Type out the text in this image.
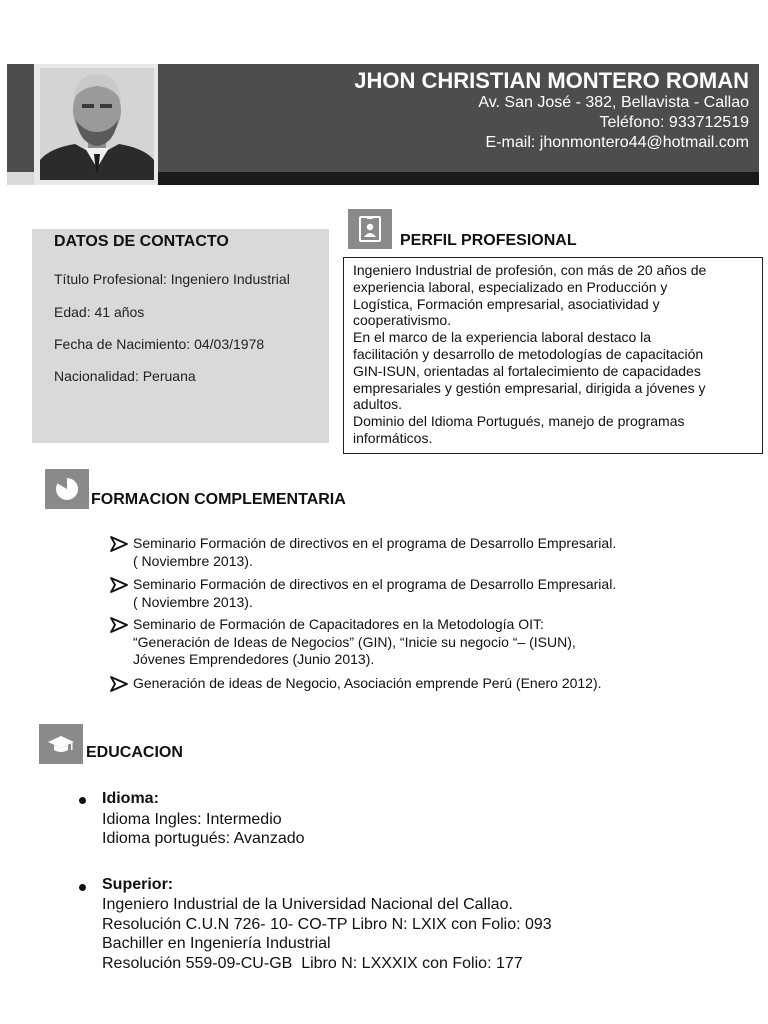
JHON CHRISTIAN MONTERO ROMAN
Av. San José - 382, Bellavista - Callao
Teléfono: 933712519
E-mail: jhonmontero44@hotmail.com
DATOS DE CONTACTO
Título Profesional: Ingeniero Industrial
Edad: 41 años
Fecha de Nacimiento: 04/03/1978
Nacionalidad: Peruana
PERFIL PROFESIONAL
Ingeniero Industrial de profesión, con más de 20 años de
experiencia laboral, especializado en Producción y
Logística, Formación empresarial, asociatividad y
cooperativismo.
En el marco de la experiencia laboral destaco la
facilitación y desarrollo de metodologías de capacitación
GIN-ISUN, orientadas al fortalecimiento de capacidades
empresariales y gestión empresarial, dirigida a jóvenes y
adultos.
Dominio del Idioma Portugués, manejo de programas
informáticos.
FORMACION COMPLEMENTARIA
Seminario Formación de directivos en el programa de Desarrollo Empresarial.
( Noviembre 2013).
Seminario Formación de directivos en el programa de Desarrollo Empresarial.
( Noviembre 2013).
Seminario de Formación de Capacitadores en la Metodología OIT:
“Generación de Ideas de Negocios” (GIN), “Inicie su negocio “– (ISUN),
Jóvenes Emprendedores (Junio 2013).
Generación de ideas de Negocio, Asociación emprende Perú (Enero 2012).
EDUCACION
Idioma:
Idioma Ingles: Intermedio
Idioma portugués: Avanzado
Superior:
Ingeniero Industrial de la Universidad Nacional del Callao.
Resolución C.U.N 726- 10- CO-TP Libro N: LXIX con Folio: 093
Bachiller en Ingeniería Industrial
Resolución 559-09-CU-GB  Libro N: LXXXIX con Folio: 177
